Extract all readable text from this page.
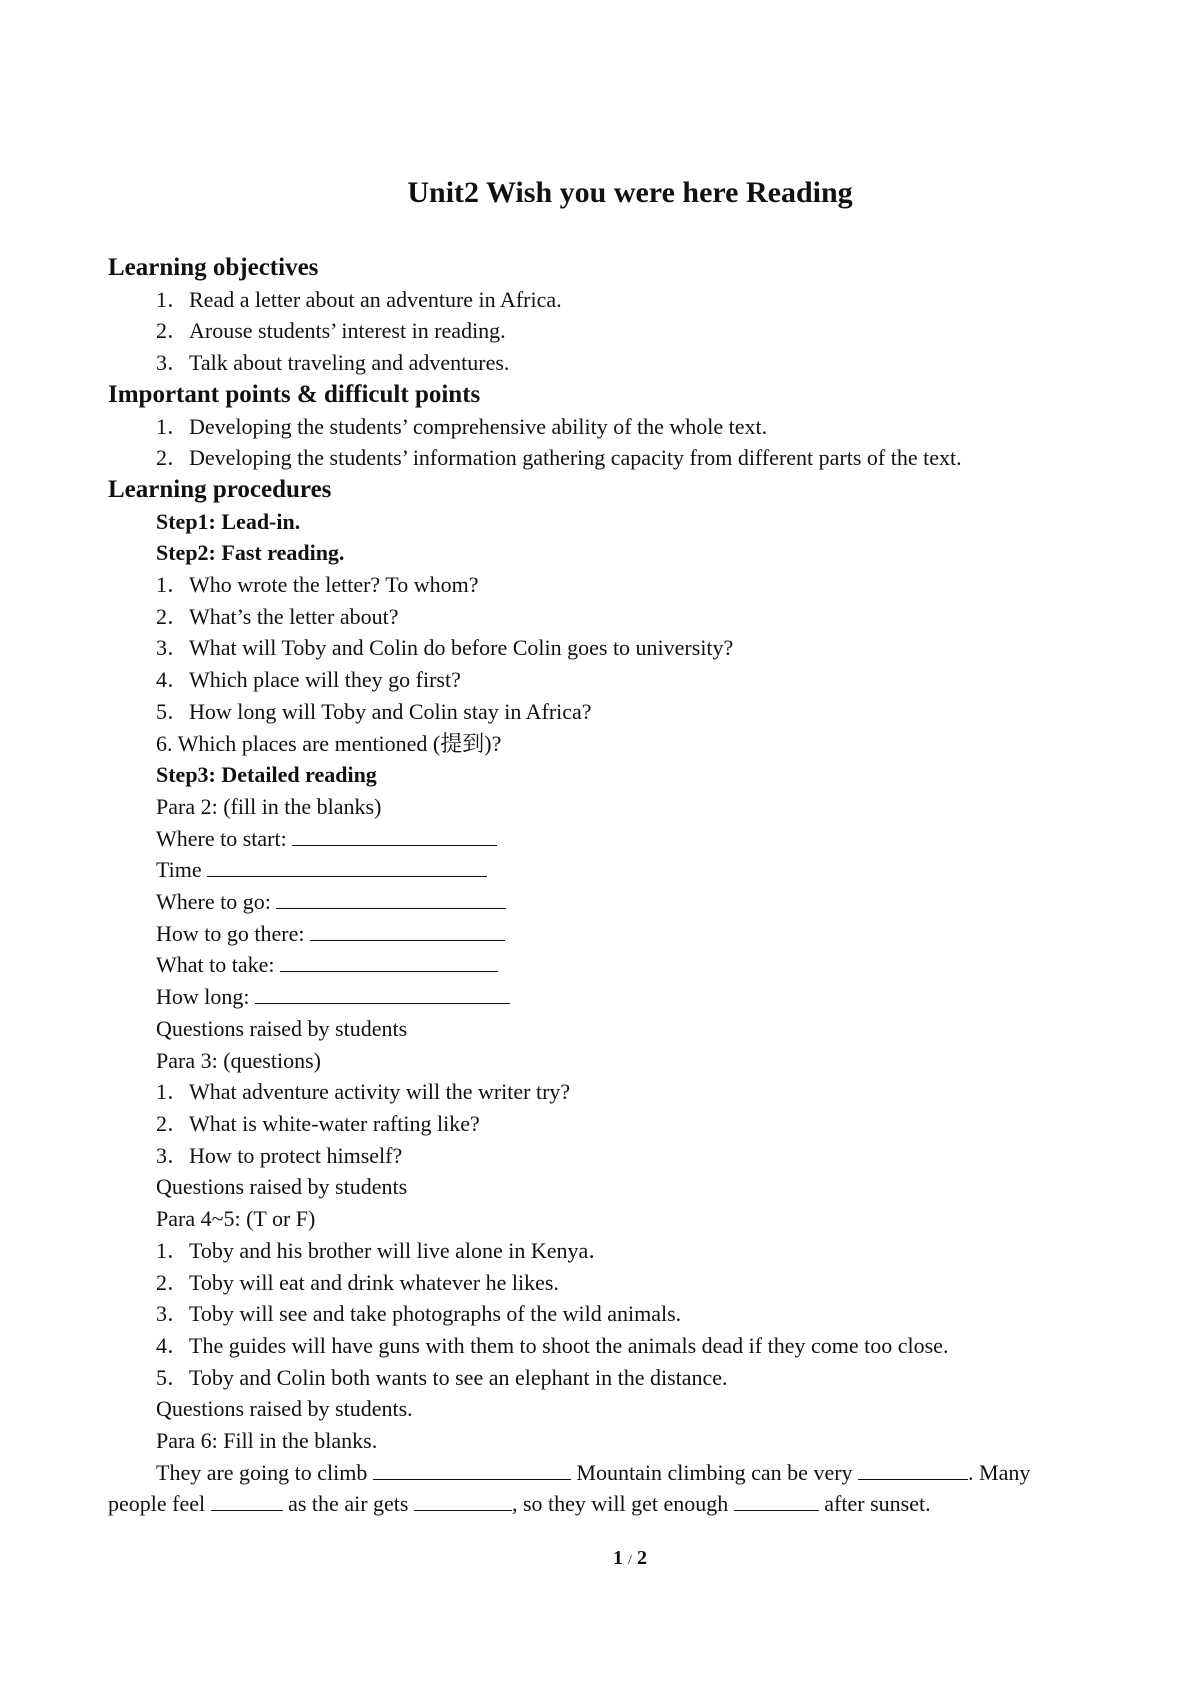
Unit2 Wish you were here Reading
Learning objectives
1．Read a letter about an adventure in Africa.
2．Arouse students’ interest in reading.
3．Talk about traveling and adventures.
Important points & difficult points
1．Developing the students’ comprehensive ability of the whole text.
2．Developing the students’ information gathering capacity from different parts of the text.
Learning procedures
Step1: Lead-in.
Step2: Fast reading.
1．Who wrote the letter? To whom?
2．What’s the letter about?
3．What will Toby and Colin do before Colin goes to university?
4．Which place will they go first?
5．How long will Toby and Colin stay in Africa?
6. Which places are mentioned (提到)?
Step3: Detailed reading
Para 2: (fill in the blanks)
Where to start:
Time
Where to go:
How to go there:
What to take:
How long:
Questions raised by students
Para 3: (questions)
1．What adventure activity will the writer try?
2．What is white-water rafting like?
3．How to protect himself?
Questions raised by students
Para 4~5: (T or F)
1．Toby and his brother will live alone in Kenya．
2．Toby will eat and drink whatever he likes.
3．Toby will see and take photographs of the wild animals.
4．The guides will have guns with them to shoot the animals dead if they come too close.
5．Toby and Colin both wants to see an elephant in the distance.
Questions raised by students.
Para 6: Fill in the blanks.
They are going to climb	Mountain climbing can be very	. Many
people feel	as the air gets	, so they will get enough	after sunset.
1 / 2
